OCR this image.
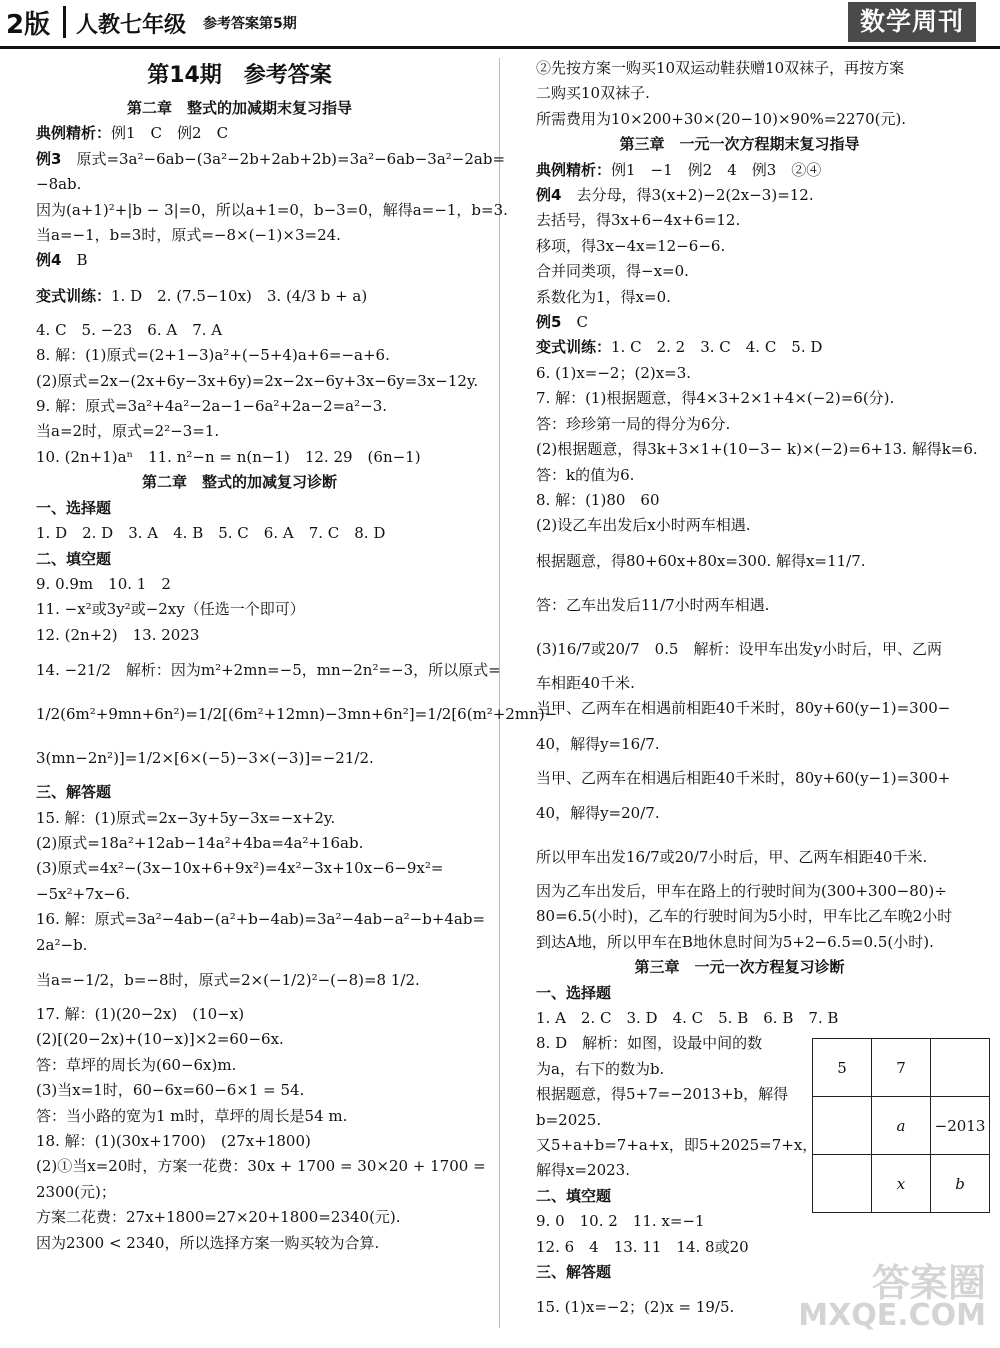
2版 人教七年级 参考答案第5期	数学周刊
第14期　参考答案
第二章　整式的加减期末复习指导
典例精析：例1　C　例2　C
例3　原式=3a²−6ab−(3a²−2b+2ab+2b)=3a²−6ab−3a²−2ab=
−8ab.
因为(a+1)²+|b − 3|=0，所以a+1=0，b−3=0，解得a=−1，b=3.
当a=−1，b=3时，原式=−8×(−1)×3=24.
例4　B
变式训练：1. D　2. (7.5−10x)　3. (4/3 b + a)
4. C　5. −23　6. A　7. A
8. 解：(1)原式=(2+1−3)a²+(−5+4)a+6=−a+6.
(2)原式=2x−(2x+6y−3x+6y)=2x−2x−6y+3x−6y=3x−12y.
9. 解：原式=3a²+4a²−2a−1−6a²+2a−2=a²−3.
当a=2时，原式=2²−3=1.
10. (2n+1)aⁿ　11. n²−n = n(n−1)　12. 29　(6n−1)
第二章　整式的加减复习诊断
一、选择题
1. D　2. D　3. A　4. B　5. C　6. A　7. C　8. D
二、填空题
9. 0.9m　10. 1　2
11. −x²或3y²或−2xy（任选一个即可）
12. (2n+2)　13. 2023
14. −21/2　解析：因为m²+2mn=−5，mn−2n²=−3，所以原式=
1/2(6m²+9mn+6n²)=1/2[(6m²+12mn)−3mn+6n²]=1/2[6(m²+2mn)−
3(mn−2n²)]=1/2×[6×(−5)−3×(−3)]=−21/2.
三、解答题
15. 解：(1)原式=2x−3y+5y−3x=−x+2y.
(2)原式=18a²+12ab−14a²+4ba=4a²+16ab.
(3)原式=4x²−(3x−10x+6+9x²)=4x²−3x+10x−6−9x²=
−5x²+7x−6.
16. 解：原式=3a²−4ab−(a²+b−4ab)=3a²−4ab−a²−b+4ab=
2a²−b.
当a=−1/2，b=−8时，原式=2×(−1/2)²−(−8)=8 1/2.
17. 解：(1)(20−2x)　(10−x)
(2)[(20−2x)+(10−x)]×2=60−6x.
答：草坪的周长为(60−6x)m.
(3)当x=1时，60−6x=60−6×1 = 54.
答：当小路的宽为1 m时，草坪的周长是54 m.
18. 解：(1)(30x+1700)　(27x+1800)
(2)①当x=20时，方案一花费：30x + 1700 = 30×20 + 1700 =
2300(元)；
方案二花费：27x+1800=27×20+1800=2340(元).
因为2300 < 2340，所以选择方案一购买较为合算.
②先按方案一购买10双运动鞋获赠10双袜子，再按方案
二购买10双袜子.
所需费用为10×200+30×(20−10)×90%=2270(元).
第三章　一元一次方程期末复习指导
典例精析：例1　−1　例2　4　例3　②④
例4　去分母，得3(x+2)−2(2x−3)=12.
去括号，得3x+6−4x+6=12.
移项，得3x−4x=12−6−6.
合并同类项，得−x=0.
系数化为1，得x=0.
例5　C
变式训练：1. C　2. 2　3. C　4. C　5. D
6. (1)x=−2；(2)x=3.
7. 解：(1)根据题意，得4×3+2×1+4×(−2)=6(分).
答：珍珍第一局的得分为6分.
(2)根据题意，得3k+3×1+(10−3− k)×(−2)=6+13. 解得k=6.
答：k的值为6.
8. 解：(1)80　60
(2)设乙车出发后x小时两车相遇.
根据题意，得80+60x+80x=300. 解得x=11/7.
答：乙车出发后11/7小时两车相遇.
(3)16/7或20/7　0.5　解析：设甲车出发y小时后，甲、乙两
车相距40千米.
当甲、乙两车在相遇前相距40千米时，80y+60(y−1)=300−
40，解得y=16/7.
当甲、乙两车在相遇后相距40千米时，80y+60(y−1)=300+
40，解得y=20/7.
所以甲车出发16/7或20/7小时后，甲、乙两车相距40千米.
因为乙车出发后，甲车在路上的行驶时间为(300+300−80)÷
80=6.5(小时)，乙车的行驶时间为5小时，甲车比乙车晚2小时
到达A地，所以甲车在B地休息时间为5+2−6.5=0.5(小时).
第三章　一元一次方程复习诊断
一、选择题
1. A　2. C　3. D　4. C　5. B　6. B　7. B
8. D　解析：如图，设最中间的数
为a，右下的数为b.
根据题意，得5+7=−2013+b，解得
b=2025.
又5+a+b=7+a+x，即5+2025=7+x，
解得x=2023.
二、填空题
9. 0　10. 2　11. x=−1
12. 6　4　13. 11　14. 8或20
三、解答题
15. (1)x=−2；(2)x = 19/5.
5	7	
	a	−2013
	x	b
答案圈
MXQE.COM
